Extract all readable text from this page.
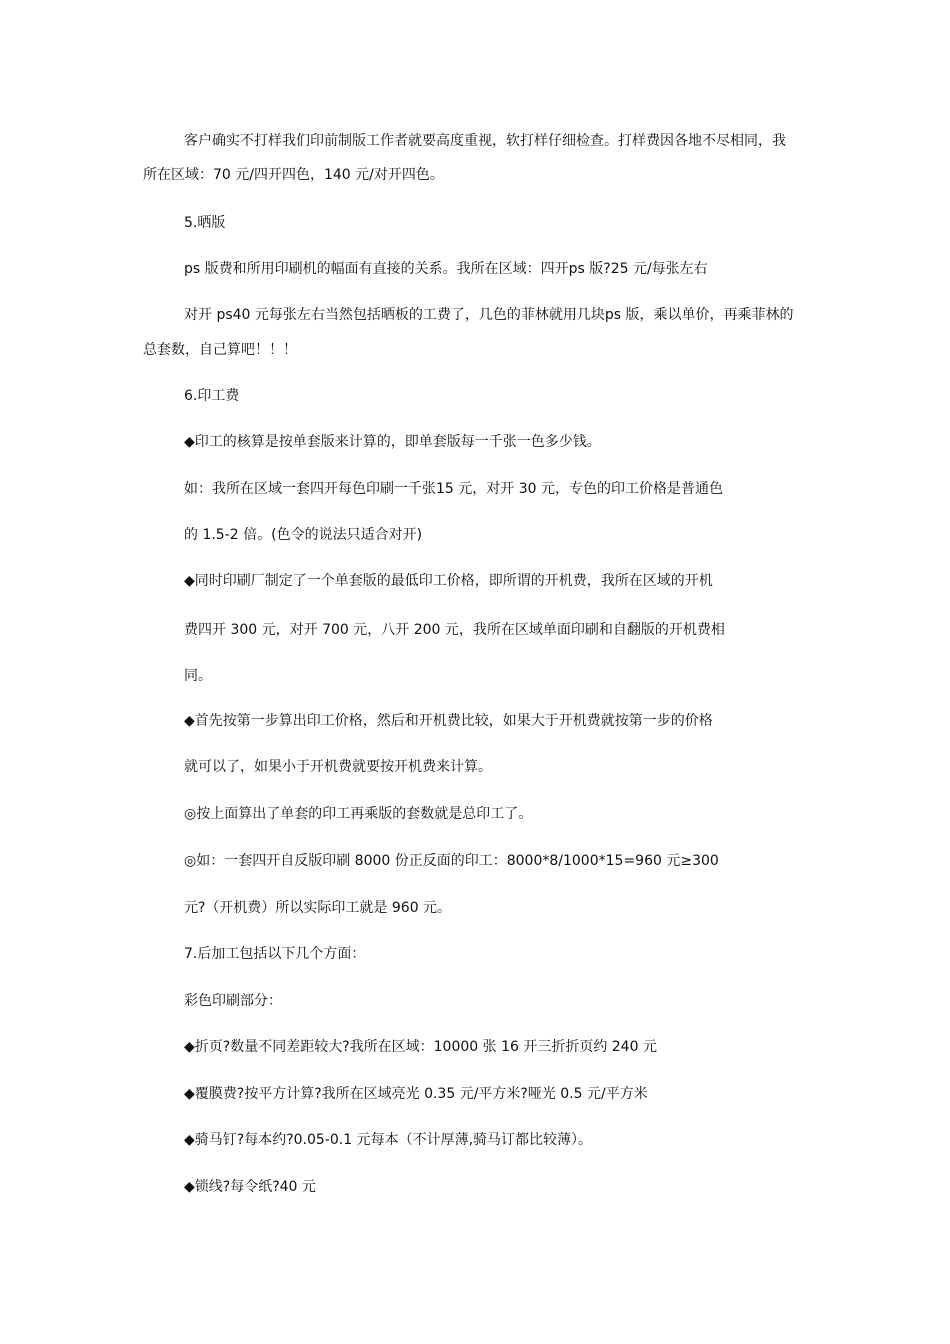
客户确实不打样我们印前制版工作者就要高度重视，软打样仔细检查。打样费因各地不尽相同，我
所在区域：70 元/四开四色，140 元/对开四色。
5.晒版
ps 版费和所用印刷机的幅面有直接的关系。我所在区域：四开ps 版?25 元/每张左右
对开 ps40 元每张左右当然包括晒板的工费了，几色的菲林就用几块ps 版，乘以单价，再乘菲林的
总套数，自己算吧！！！
6.印工费
◆印工的核算是按单套版来计算的，即单套版每一千张一色多少钱。
如：我所在区域一套四开每色印刷一千张15 元，对开 30 元，专色的印工价格是普通色
的 1.5-2 倍。(色令的说法只适合对开)
◆同时印刷厂制定了一个单套版的最低印工价格，即所谓的开机费，我所在区域的开机
费四开 300 元，对开 700 元，八开 200 元，我所在区域单面印刷和自翻版的开机费相
同。
◆首先按第一步算出印工价格，然后和开机费比较，如果大于开机费就按第一步的价格
就可以了，如果小于开机费就要按开机费来计算。
◎按上面算出了单套的印工再乘版的套数就是总印工了。
◎如：一套四开自反版印刷 8000 份正反面的印工：8000*8/1000*15=960 元≥300
元?（开机费）所以实际印工就是 960 元。
7.后加工包括以下几个方面：
彩色印刷部分：
◆折页?数量不同差距较大?我所在区域：10000 张 16 开三折折页约 240 元
◆覆膜费?按平方计算?我所在区域亮光 0.35 元/平方米?哑光 0.5 元/平方米
◆骑马钉?每本约?0.05-0.1 元每本（不计厚薄,骑马订都比较薄）。
◆锁线?每令纸?40 元
